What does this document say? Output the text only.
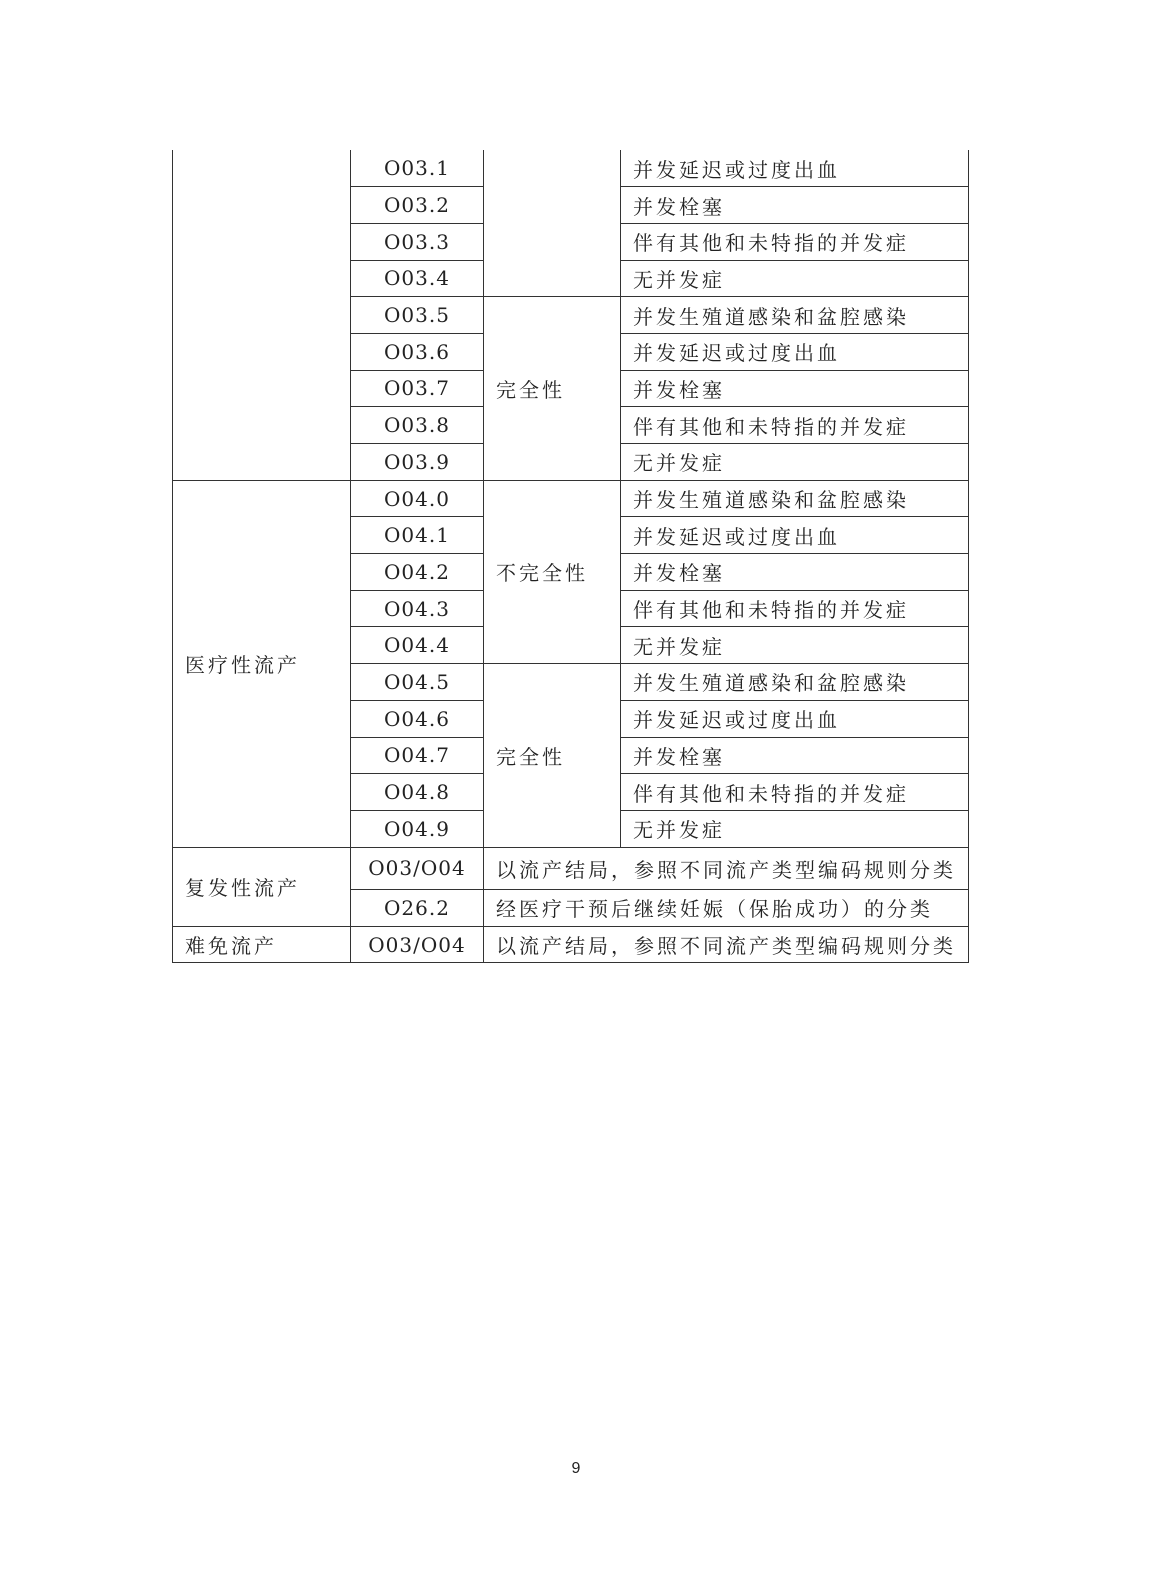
	O03.1		并发延迟或过度出血
	O03.2		并发栓塞
	O03.3		伴有其他和未特指的并发症
	O03.4		无并发症
	O03.5	完全性	并发生殖道感染和盆腔感染
	O03.6		并发延迟或过度出血
	O03.7		并发栓塞
	O03.8		伴有其他和未特指的并发症
	O03.9		无并发症
医疗性流产	O04.0	不完全性	并发生殖道感染和盆腔感染
	O04.1		并发延迟或过度出血
	O04.2		并发栓塞
	O04.3		伴有其他和未特指的并发症
	O04.4		无并发症
	O04.5	完全性	并发生殖道感染和盆腔感染
	O04.6		并发延迟或过度出血
	O04.7		并发栓塞
	O04.8		伴有其他和未特指的并发症
	O04.9		无并发症
复发性流产	O03/O04	以流产结局，参照不同流产类型编码规则分类	
	O26.2	经医疗干预后继续妊娠（保胎成功）的分类	
难免流产	O03/O04	以流产结局，参照不同流产类型编码规则分类	
9
